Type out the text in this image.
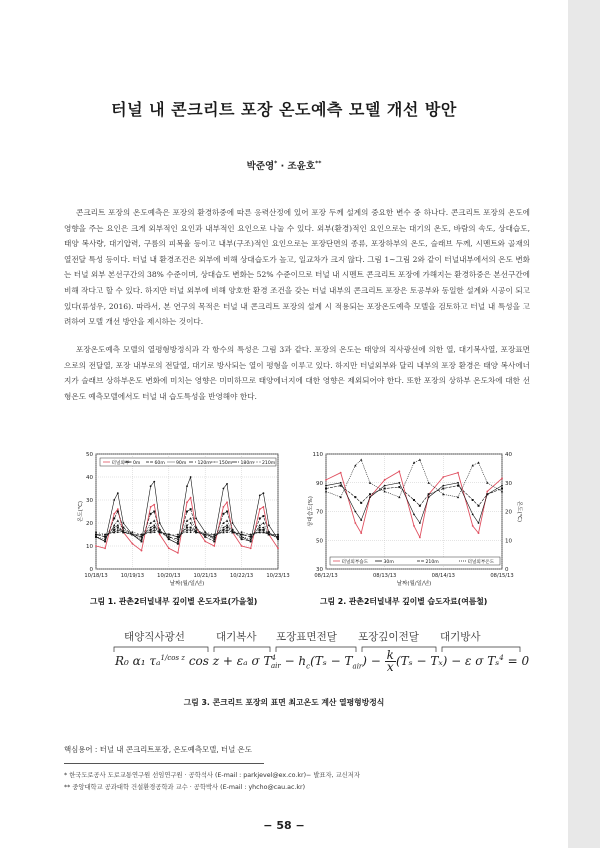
터널 내 콘크리트 포장 온도예측 모델 개선 방안
박준영* · 조윤호**
콘크리트 포장의 온도예측은 포장의 환경하중에 따른 응력산정에 있어 포장 두께 설계의 중요한 변수 중 하나다. 콘크리트 포장의 온도에 영향을 주는 요인은 크게 외부적인 요인과 내부적인 요인으로 나눌 수 있다. 외부(환경)적인 요인으로는 대기의 온도, 바람의 속도, 상대습도, 태양 복사량, 대기압력, 구름의 피복율 등이고 내부(구조)적인 요인으로는 포장단면의 종류, 포장하부의 온도, 슬래브 두께, 시멘트와 골재의 열전달 특성 등이다. 터널 내 환경조건은 외부에 비해 상대습도가 높고, 일교차가 크지 않다. 그림 1~그림 2와 같이 터널내부에서의 온도 변화는 터널 외부 본선구간의 38% 수준이며, 상대습도 변화는 52% 수준이므로 터널 내 시멘트 콘크리트 포장에 가해지는 환경하중은 본선구간에 비해 작다고 할 수 있다. 하지만 터널 외부에 비해 양호한 환경 조건을 갖는 터널 내부의 콘크리트 포장은 토공부와 동일한 설계와 시공이 되고 있다(류성우, 2016). 따라서, 본 연구의 목적은 터널 내 콘크리트 포장의 설계 시 적용되는 포장온도예측 모델을 검토하고 터널 내 특성을 고려하여 모델 개선 방안을 제시하는 것이다.
포장온도예측 모델의 열평형방정식과 각 항수의 특성은 그림 3과 같다. 포장의 온도는 태양의 직사광선에 의한 열, 대기복사열, 포장표면으로의 전달열, 포장 내부로의 전달열, 대기로 방사되는 열이 평형을 이루고 있다. 하지만 터널외부와 달리 내부의 포장 환경은 태양 복사에너지가 슬래브 상하부온도 변화에 미치는 영향은 미미하므로 태양에너지에 대한 영향은 제외되어야 한다. 또한 포장의 상하부 온도차에 대한 선형온도 예측모델에서도 터널 내 습도특성을 반영해야 한다.
0
10
20
30
40
50
10/18/13	10/19/13	10/20/13	10/21/13	10/22/13	10/23/13
날짜(월/일/년)
온도(℃)
터널외부 0m	60m 90m 120m 150m 180m 210m
그림 1. 관촌2터널내부 깊이별 온도자료(가을철)
30
50
70
90
110
0
10
20
30
40
08/12/13	08/13/13	08/14/13	08/15/13
날짜(월/일/년)
상대습도(%)	온도(℃)
터널외부습도	30m	210m	터널외부온도
그림 2. 관촌2터널내부 깊이별 습도자료(여름철)
태양직사광선	대기복사 포장표면전달 포장깊이전달 대기방사
R₀ α₁ τₐ$^{1/cos z}$ cos z + εₐ σ $T^4_{air} - h_c(T_s - T_{air}) - \frac{k}{x} (T_s - T_x) - \varepsilon$ σ Tₛ$^4$ = 0
그림 3. 콘크리트 포장의 표면 최고온도 계산 열평형방정식
핵심용어 : 터널 내 콘크리트포장, 온도예측모델, 터널 온도
* 한국도로공사 도로교통연구원 선임연구원 · 공학석사 (E-mail : parkjevel@ex.co.kr)− 발표자, 교신저자
** 중앙대학교 공과대학 건설환경공학과 교수 · 공학박사 (E-mail : yhcho@cau.ac.kr)
− 58 −
